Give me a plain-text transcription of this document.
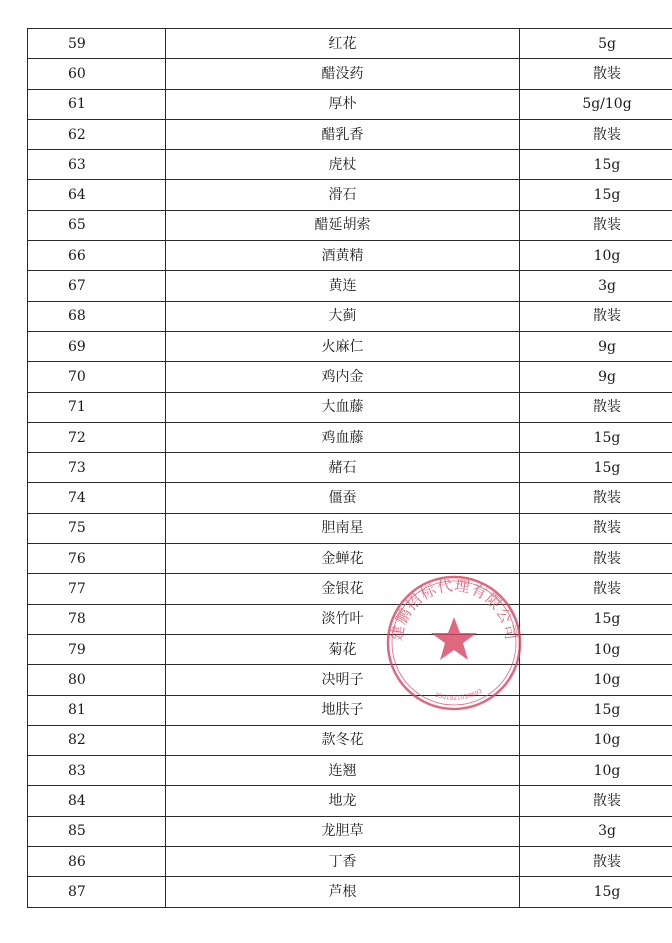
59	红花	5g
60	醋没药	散装
61	厚朴	5g/10g
62	醋乳香	散装
63	虎杖	15g
64	滑石	15g
65	醋延胡索	散装
66	酒黄精	10g
67	黄连	3g
68	大蓟	散装
69	火麻仁	9g
70	鸡内金	9g
71	大血藤	散装
72	鸡血藤	15g
73	赭石	15g
74	僵蚕	散装
75	胆南星	散装
76	金蝉花	散装
77	金银花	散装
78	淡竹叶	15g
79	菊花	10g
80	决明子	10g
81	地肤子	15g
82	款冬花	10g
83	连翘	10g
84	地龙	散装
85	龙胆草	3g
86	丁香	散装
87	芦根	15g
建鹏招标代理有限公司
3501021010692
